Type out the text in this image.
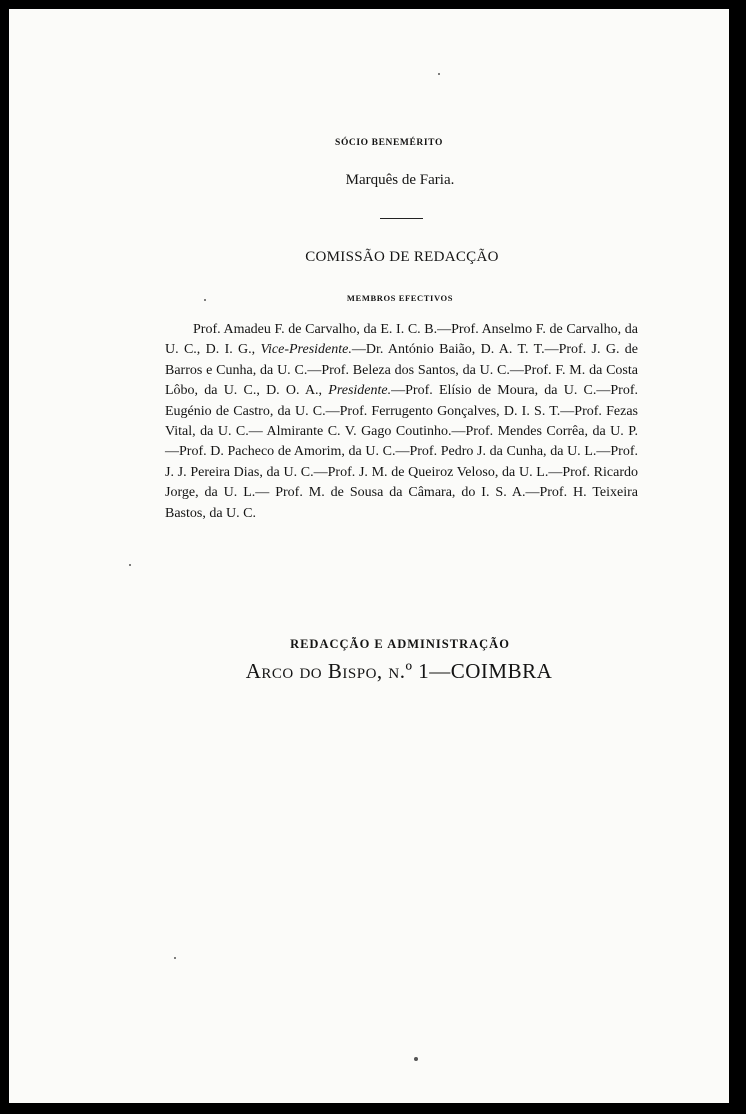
SÓCIO BENEMÉRITO
Marquês de Faria.
COMISSÃO DE REDACÇÃO
MEMBROS EFECTIVOS

Prof. Amadeu F. de Carvalho, da E. I. C. B.—Prof. Anselmo F. de Carvalho, da U. C., D. I. G., Vice-Presidente.—Dr. António Baião, D. A. T. T.—Prof. J. G. de Barros e Cunha, da U. C.—Prof. Beleza dos Santos, da U. C.—Prof. F. M. da Costa Lôbo, da U. C., D. O. A., Presidente.—Prof. Elísio de Moura, da U. C.—Prof. Eugénio de Castro, da U. C.—Prof. Ferrugento Gonçalves, D. I. S. T.—Prof. Fezas Vital, da U. C.— Almirante C. V. Gago Coutinho.—Prof. Mendes Corrêa, da U. P.—Prof. D. Pacheco de Amorim, da U. C.—Prof. Pedro J. da Cunha, da U. L.—Prof. J. J. Pereira Dias, da U. C.—Prof. J. M. de Queiroz Veloso, da U. L.—Prof. Ricardo Jorge, da U. L.— Prof. M. de Sousa da Câmara, do I. S. A.—Prof. H. Teixeira Bastos, da U. C.

REDACÇÃO E ADMINISTRAÇÃO
Arco do Bispo, n.º 1—COIMBRA
